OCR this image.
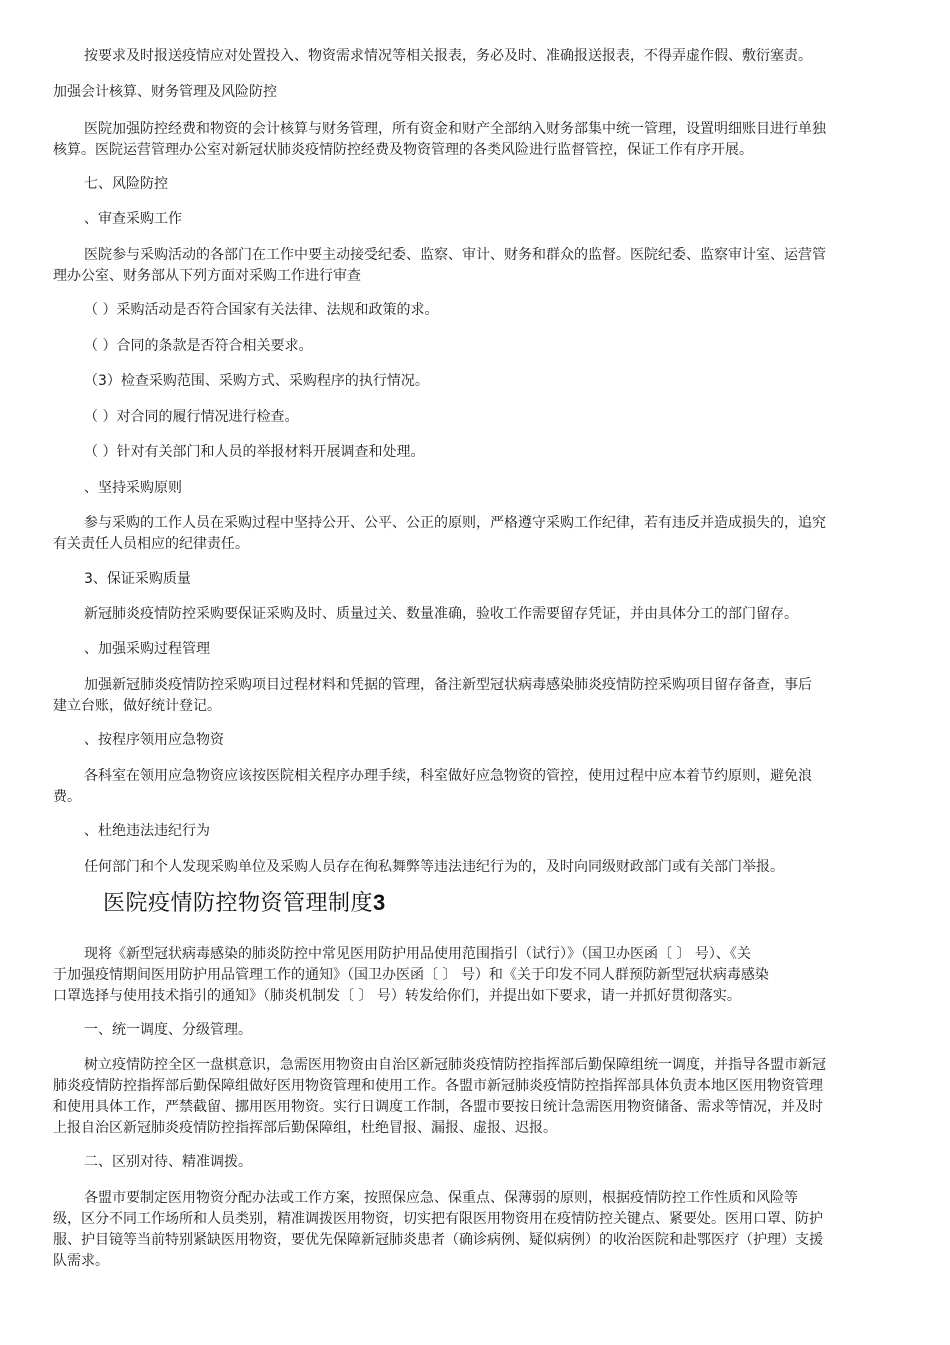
按要求及时报送疫情应对处置投入、物资需求情况等相关报表，务必及时、准确报送报表，不得弄虚作假、敷衍塞责。
加强会计核算、财务管理及风险防控
医院加强防控经费和物资的会计核算与财务管理，所有资金和财产全部纳入财务部集中统一管理，设置明细账目进行单独
核算。医院运营管理办公室对新冠状肺炎疫情防控经费及物资管理的各类风险进行监督管控，保证工作有序开展。
七、风险防控
、审查采购工作
医院参与采购活动的各部门在工作中要主动接受纪委、监察、审计、财务和群众的监督。医院纪委、监察审计室、运营管
理办公室、财务部从下列方面对采购工作进行审查
（ ）采购活动是否符合国家有关法律、法规和政策的求。
（ ）合同的条款是否符合相关要求。
（3）检查采购范围、采购方式、采购程序的执行情况。
（ ）对合同的履行情况进行检查。
（ ）针对有关部门和人员的举报材料开展调查和处理。
、坚持采购原则
参与采购的工作人员在采购过程中坚持公开、公平、公正的原则，严格遵守采购工作纪律，若有违反并造成损失的，追究
有关责任人员相应的纪律责任。
3、保证采购质量
新冠肺炎疫情防控采购要保证采购及时、质量过关、数量准确，验收工作需要留存凭证，并由具体分工的部门留存。
、加强采购过程管理
加强新冠肺炎疫情防控采购项目过程材料和凭据的管理，备注新型冠状病毒感染肺炎疫情防控采购项目留存备查，事后
建立台账，做好统计登记。
、按程序领用应急物资
各科室在领用应急物资应该按医院相关程序办理手续，科室做好应急物资的管控，使用过程中应本着节约原则，避免浪
费。
、杜绝违法违纪行为
任何部门和个人发现采购单位及采购人员存在徇私舞弊等违法违纪行为的，及时向同级财政部门或有关部门举报。
医院疫情防控物资管理制度3
现将《新型冠状病毒感染的肺炎防控中常见医用防护用品使用范围指引（试行）》（国卫办医函〔 〕 号）、《关
于加强疫情期间医用防护用品管理工作的通知》（国卫办医函〔 〕 号）和《关于印发不同人群预防新型冠状病毒感染
口罩选择与使用技术指引的通知》（肺炎机制发〔 〕 号）转发给你们，并提出如下要求，请一并抓好贯彻落实。
一、统一调度、分级管理。
树立疫情防控全区一盘棋意识，急需医用物资由自治区新冠肺炎疫情防控指挥部后勤保障组统一调度，并指导各盟市新冠
肺炎疫情防控指挥部后勤保障组做好医用物资管理和使用工作。各盟市新冠肺炎疫情防控指挥部具体负责本地区医用物资管理
和使用具体工作，严禁截留、挪用医用物资。实行日调度工作制，各盟市要按日统计急需医用物资储备、需求等情况，并及时
上报自治区新冠肺炎疫情防控指挥部后勤保障组，杜绝冒报、漏报、虚报、迟报。
二、区别对待、精准调拨。
各盟市要制定医用物资分配办法或工作方案，按照保应急、保重点、保薄弱的原则，根据疫情防控工作性质和风险等
级，区分不同工作场所和人员类别，精准调拨医用物资，切实把有限医用物资用在疫情防控关键点、紧要处。医用口罩、防护
服、护目镜等当前特别紧缺医用物资，要优先保障新冠肺炎患者（确诊病例、疑似病例）的收治医院和赴鄂医疗（护理）支援
队需求。
